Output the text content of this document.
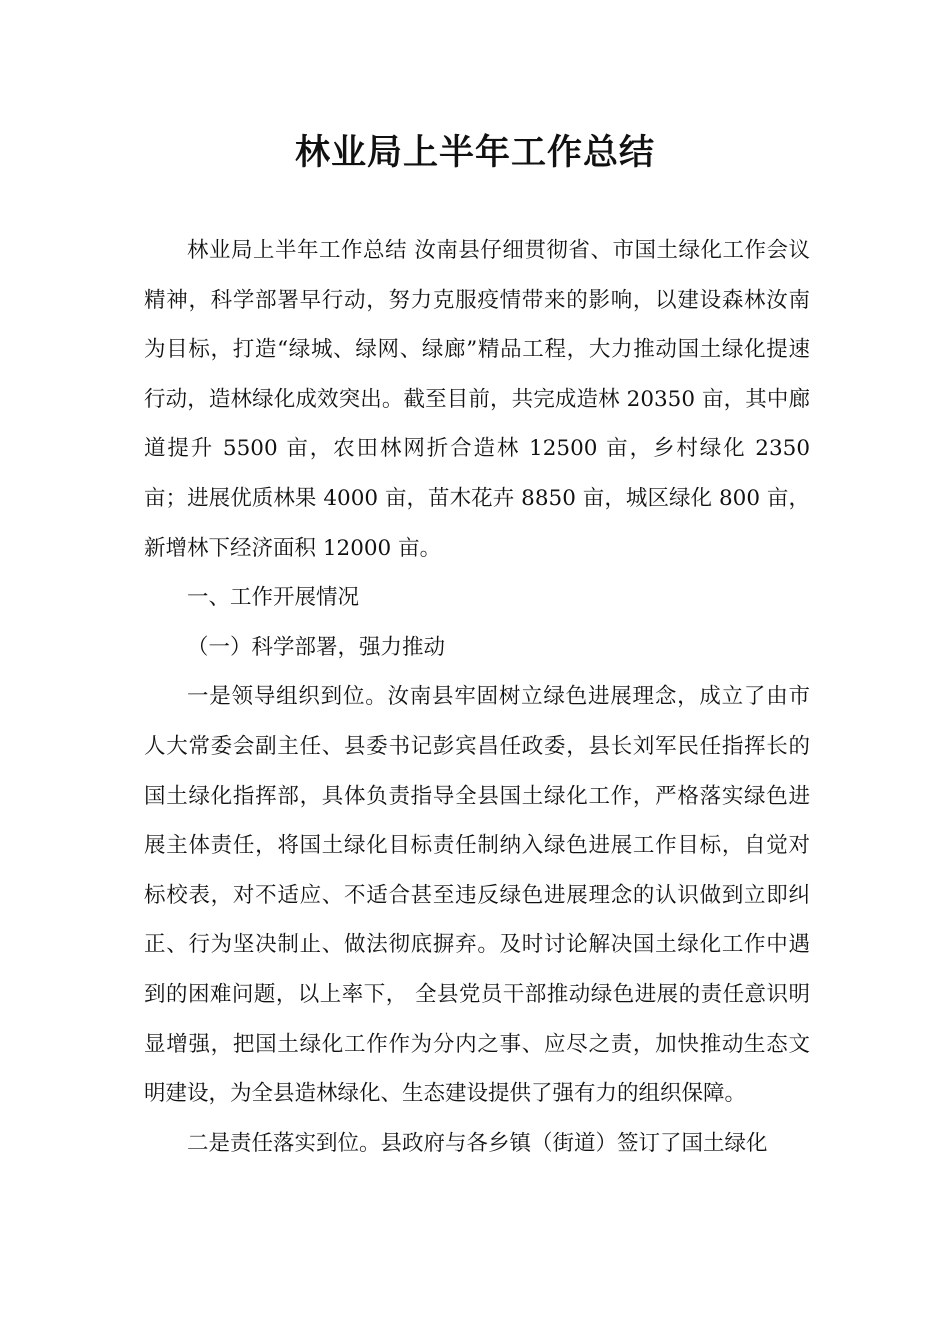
林业局上半年工作总结

林业局上半年工作总结 汝南县仔细贯彻省、市国土绿化工作会议精神，科学部署早行动，努力克服疫情带来的影响，以建设森林汝南为目标，打造“绿城、绿网、绿廊”精品工程，大力推动国土绿化提速行动，造林绿化成效突出。截至目前，共完成造林 20350 亩，其中廊道提升 5500 亩，农田林网折合造林 12500 亩，乡村绿化 2350 亩；进展优质林果 4000 亩，苗木花卉 8850 亩，城区绿化 800 亩，新增林下经济面积 12000 亩。

一、工作开展情况

（一）科学部署，强力推动

一是领导组织到位。汝南县牢固树立绿色进展理念，成立了由市人大常委会副主任、县委书记彭宾昌任政委，县长刘军民任指挥长的国土绿化指挥部，具体负责指导全县国土绿化工作，严格落实绿色进展主体责任，将国土绿化目标责任制纳入绿色进展工作目标，自觉对标校表，对不适应、不适合甚至违反绿色进展理念的认识做到立即纠正、行为坚决制止、做法彻底摒弃。及时讨论解决国土绿化工作中遇到的困难问题，以上率下， 全县党员干部推动绿色进展的责任意识明显增强，把国土绿化工作作为分内之事、应尽之责，加快推动生态文明建设，为全县造林绿化、生态建设提供了强有力的组织保障。

二是责任落实到位。县政府与各乡镇（街道）签订了国土绿化
